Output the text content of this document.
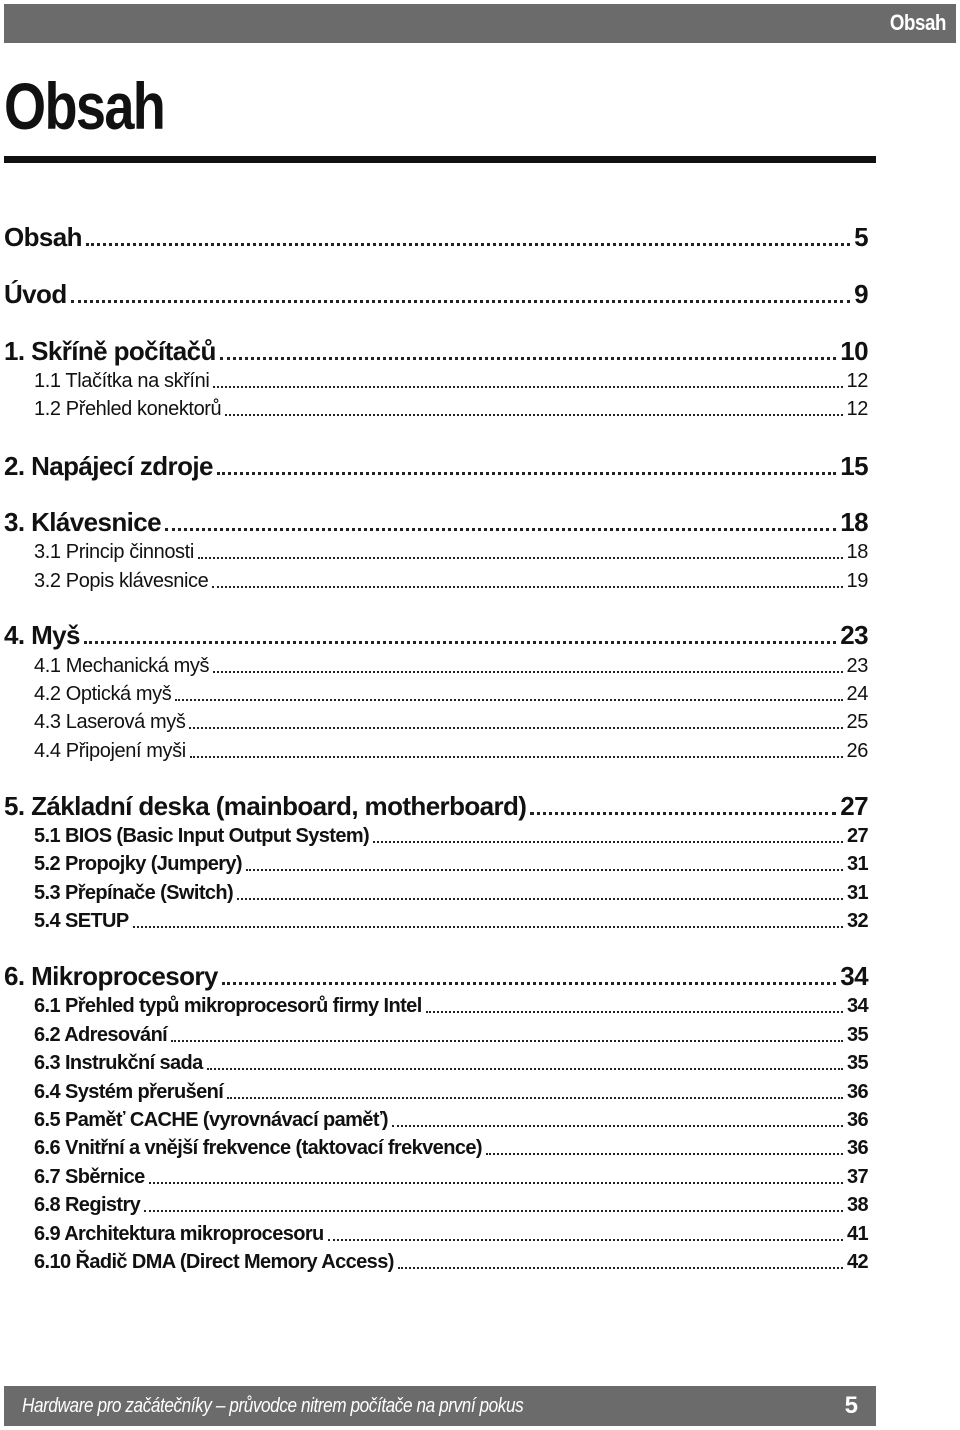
Obsah
Obsah
Obsah	5
Úvod	9
1. Skříně počítačů	10
1.1 Tlačítka na skříni	12
1.2 Přehled konektorů	12
2. Napájecí zdroje	15
3. Klávesnice	18
3.1 Princip činnosti	18
3.2 Popis klávesnice	19
4. Myš	23
4.1 Mechanická myš	23
4.2 Optická myš	24
4.3 Laserová myš	25
4.4 Připojení myši	26
5. Základní deska (mainboard, motherboard)	27
5.1 BIOS (Basic Input Output System)	27
5.2 Propojky (Jumpery)	31
5.3 Přepínače (Switch)	31
5.4 SETUP	32
6. Mikroprocesory	34
6.1 Přehled typů mikroprocesorů firmy Intel	34
6.2 Adresování	35
6.3 Instrukční sada	35
6.4 Systém přerušení	36
6.5 Paměť CACHE (vyrovnávací paměť)	36
6.6 Vnitřní a vnější frekvence (taktovací frekvence)	36
6.7 Sběrnice	37
6.8 Registry	38
6.9 Architektura mikroprocesoru	41
6.10 Řadič DMA (Direct Memory Access)	42
Hardware pro začátečníky – průvodce nitrem počítače na první pokus	5
